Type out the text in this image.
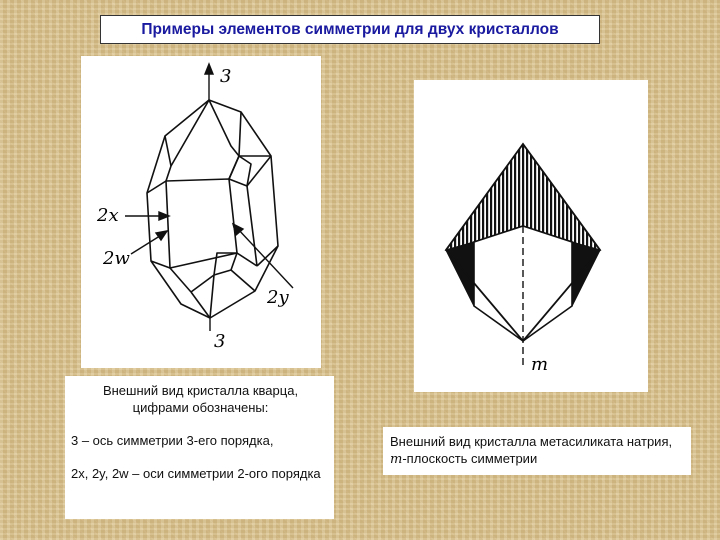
Примеры элементов симметрии для двух кристаллов
3
3
2x
2w
2y
m
Внешний вид кристалла кварца,
цифрами обозначены:
3 – ось симметрии 3-его порядка,
2x, 2y, 2w – оси симметрии 2-ого порядка
Внешний вид кристалла метасиликата натрия, m-плоскость симметрии
